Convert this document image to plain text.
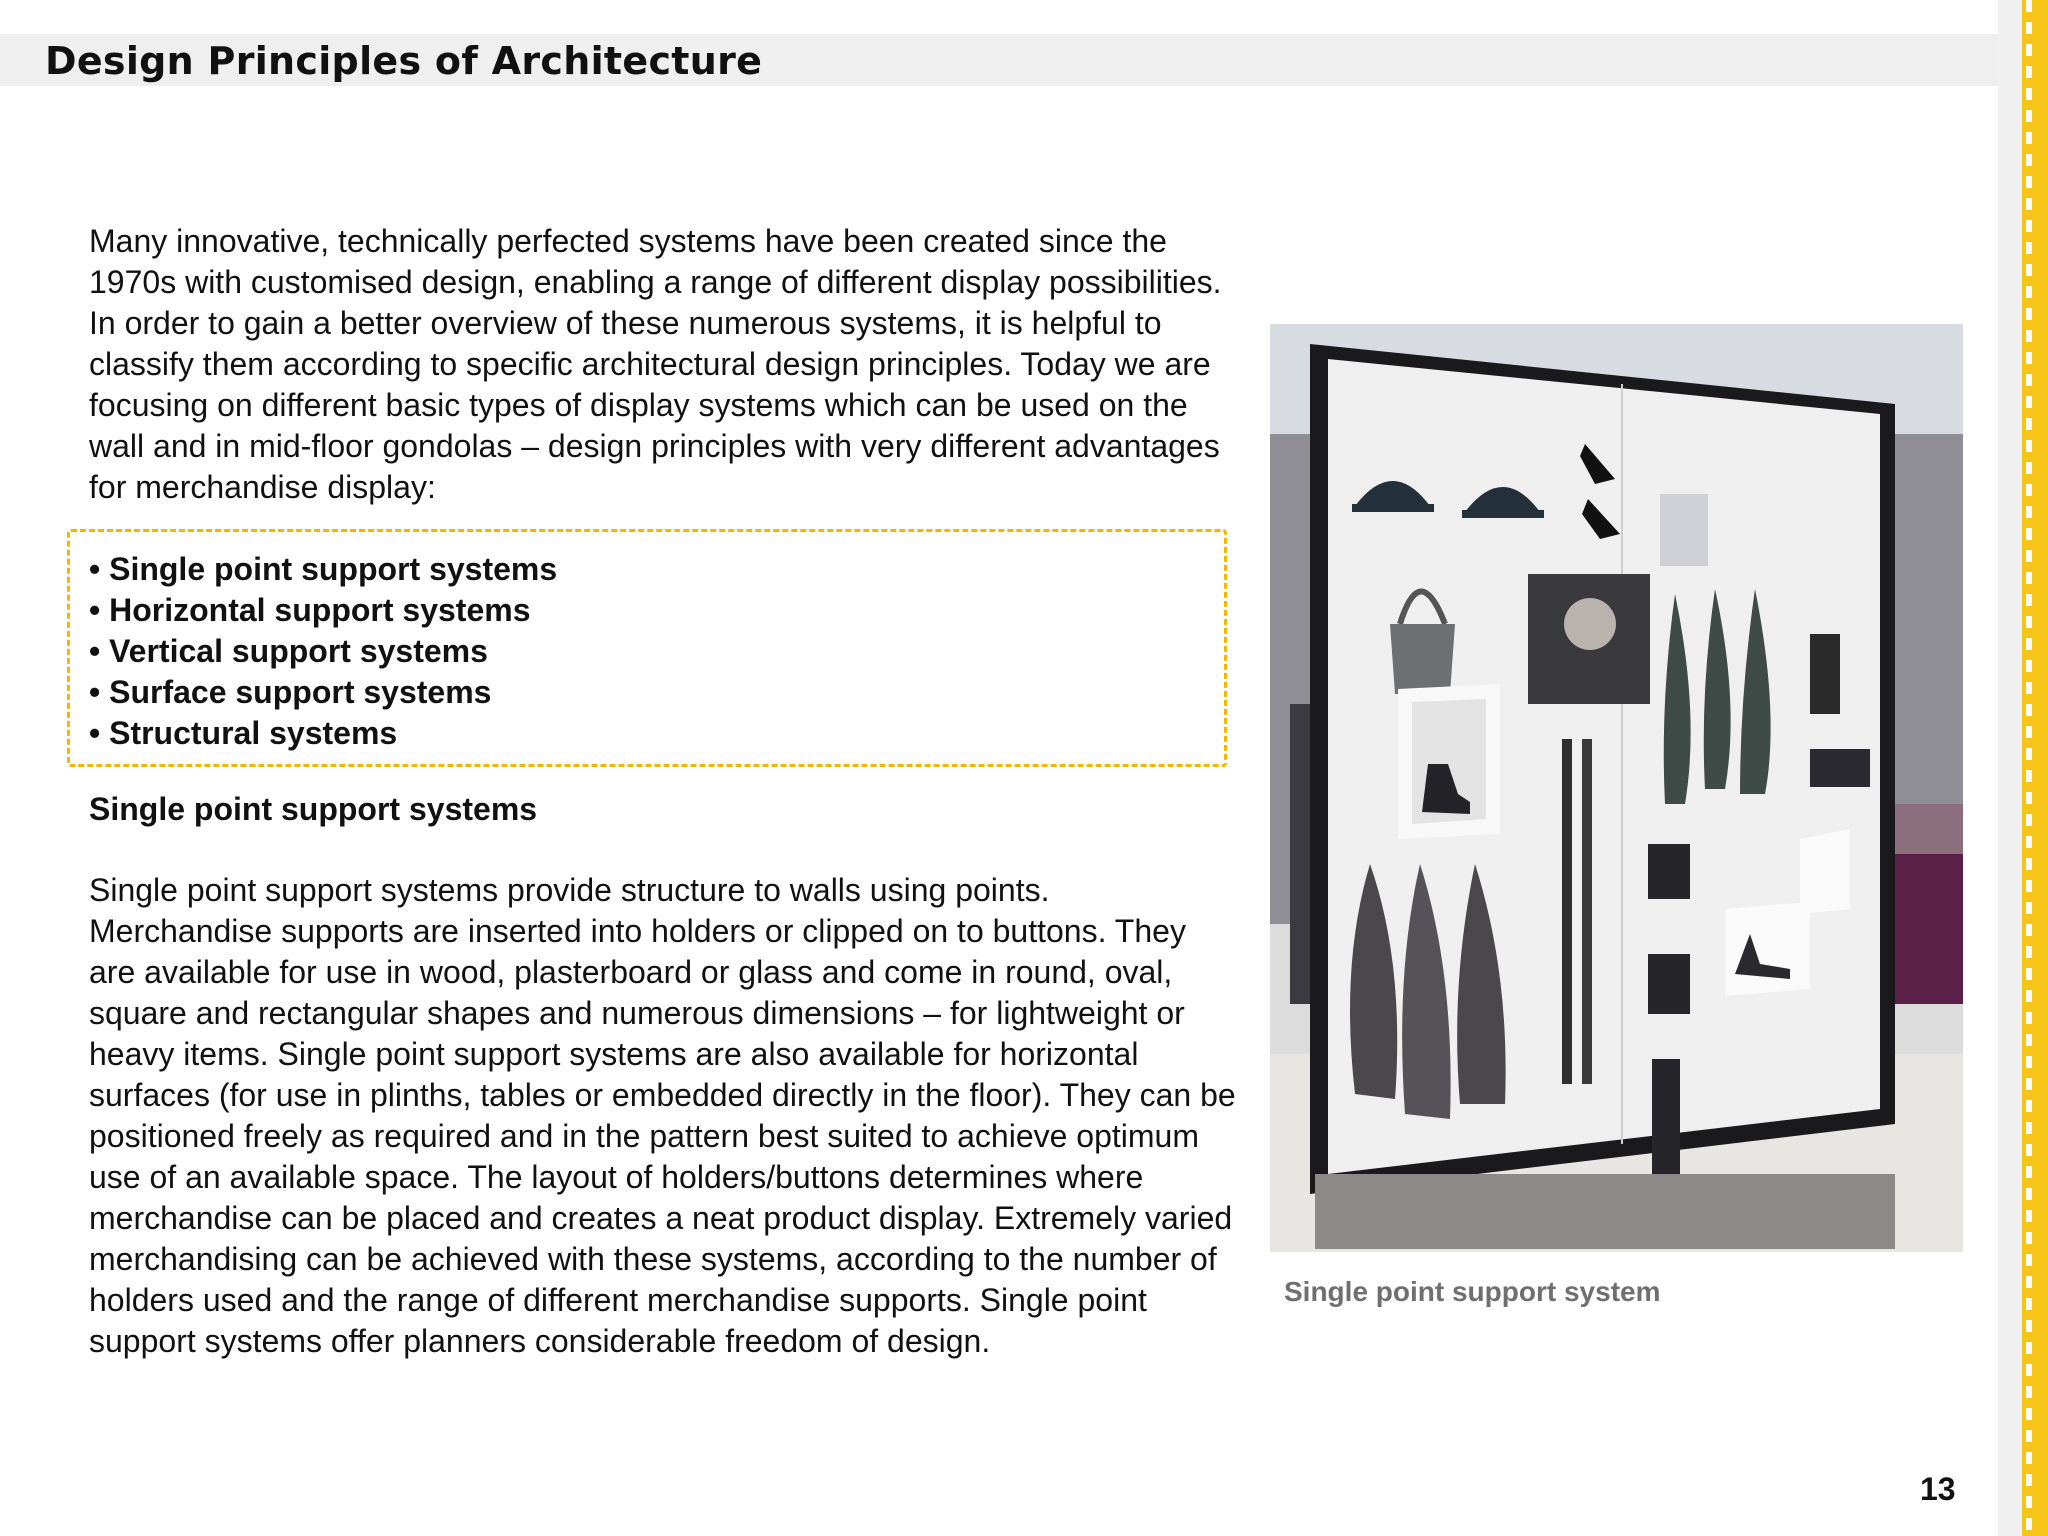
Design Principles of Architecture

Many innovative, technically perfected systems have been created since the 1970s with customised design, enabling a range of different display possibilities. In order to gain a better overview of these numerous systems, it is helpful to classify them according to specific architectural design principles. Today we are focusing on different basic types of display systems which can be used on the wall and in mid-floor gondolas – design principles with very different advantages for merchandise display:

• Single point support systems
• Horizontal support systems
• Vertical support systems
• Surface support systems
• Structural systems
Single point support systems

Single point support systems provide structure to walls using points. Merchandise supports are inserted into holders or clipped on to buttons. They are available for use in wood, plasterboard or glass and come in round, oval, square and rectangular shapes and numerous dimensions – for lightweight or heavy items. Single point support systems are also available for horizontal surfaces (for use in plinths, tables or embedded directly in the floor). They can be positioned freely as required and in the pattern best suited to achieve optimum use of an available space. The layout of holders/buttons determines where merchandise can be placed and creates a neat product display. Extremely varied merchandising can be achieved with these systems, according to the number of holders used and the range of different merchandise supports. Single point support systems offer planners considerable freedom of design.

Single point support system
13
